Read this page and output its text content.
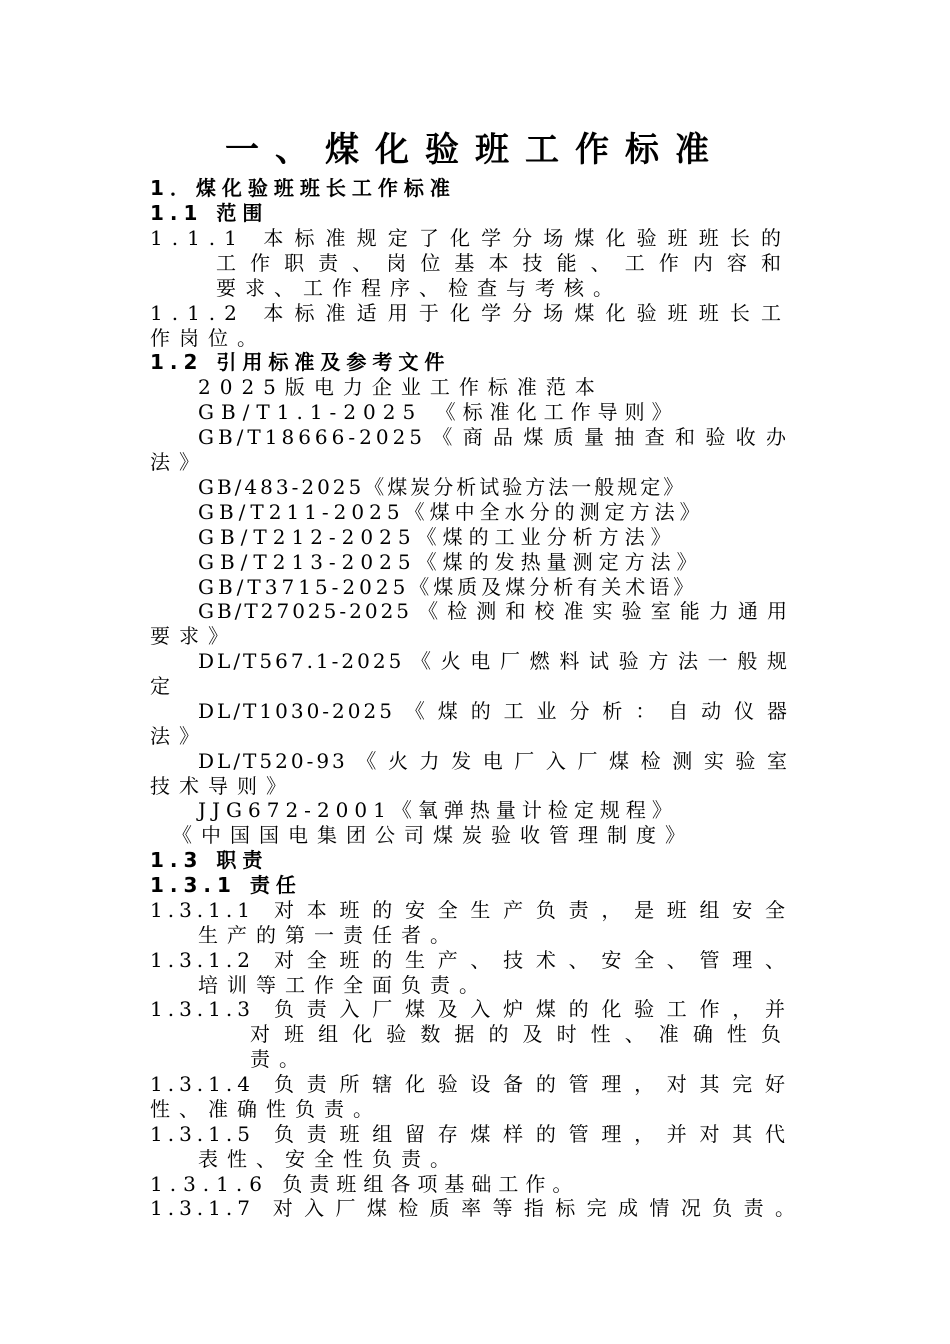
一、煤化验班工作标准
1．煤化验班班长工作标准
1.1 范围
1.1.1 本标准规定了化学分场煤化验班班长的
工作职责、岗位基本技能、工作内容和
要求、工作程序、检查与考核。
1.1.2 本标准适用于化学分场煤化验班班长工
作岗位。
1.2 引用标准及参考文件
2025版电力企业工作标准范本
GB/T1.1-2025 《标准化工作导则》
GB/T18666-2025《商品煤质量抽查和验收办
法》
GB/483-2025《煤炭分析试验方法一般规定》
GB/T211-2025《煤中全水分的测定方法》
GB/T212-2025《煤的工业分析方法》
GB/T213-2025《煤的发热量测定方法》
GB/T3715-2025《煤质及煤分析有关术语》
GB/T27025-2025《检测和校准实验室能力通用
要求》
DL/T567.1-2025《火电厂燃料试验方法一般规
定
DL/T1030-2025《煤的工业分析：自动仪器
法》
DL/T520-93《火力发电厂入厂煤检测实验室
技术导则》
JJG672-2001《氧弹热量计检定规程》
《中国国电集团公司煤炭验收管理制度》
1.3 职责
1.3.1 责任
1.3.1.1 对本班的安全生产负责，是班组安全
生产的第一责任者。
1.3.1.2 对全班的生产、技术、安全、管理、
培训等工作全面负责。
1.3.1.3 负责入厂煤及入炉煤的化验工作，并
对班组化验数据的及时性、准确性负
责。
1.3.1.4 负责所辖化验设备的管理，对其完好
性、准确性负责。
1.3.1.5 负责班组留存煤样的管理，并对其代
表性、安全性负责。
1.3.1.6 负责班组各项基础工作。
1.3.1.7 对入厂煤检质率等指标完成情况负责。
